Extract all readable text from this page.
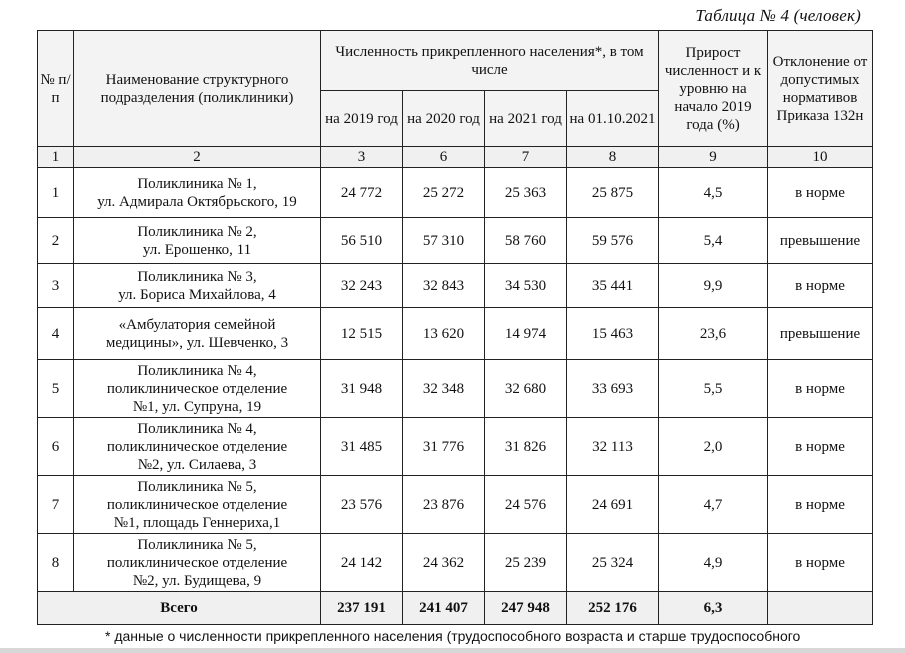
Таблица № 4 (человек)
№ п/п	Наименование структурного подразделения (поликлиники)	Численность прикрепленного населения*, в том числе				Прирост численност и к уровню на начало 2019 года (%)	Отклонение от допустимых нормативов Приказа 132н
		на 2019 год	на 2020 год	на 2021 год	на 01.10.2021		
1	2	3	6	7	8	9	10
1	Поликлиника № 1,
ул. Адмирала Октябрьского, 19	24 772	25 272	25 363	25 875	4,5	в норме
2	Поликлиника № 2,
ул. Ерошенко, 11	56 510	57 310	58 760	59 576	5,4	превышение
3	Поликлиника № 3,
ул. Бориса Михайлова, 4	32 243	32 843	34 530	35 441	9,9	в норме
4	«Амбулатория семейной
медицины», ул. Шевченко, 3	12 515	13 620	14 974	15 463	23,6	превышение
5	Поликлиника № 4,
поликлиническое отделение
№1, ул. Супруна, 19	31 948	32 348	32 680	33 693	5,5	в норме
6	Поликлиника № 4,
поликлиническое отделение
№2, ул. Силаева, 3	31 485	31 776	31 826	32 113	2,0	в норме
7	Поликлиника № 5,
поликлиническое отделение
№1, площадь Геннериха,1	23 576	23 876	24 576	24 691	4,7	в норме
8	Поликлиника № 5,
поликлиническое отделение
№2, ул. Будищева, 9	24 142	24 362	25 239	25 324	4,9	в норме
Всего		237 191	241 407	247 948	252 176	6,3	
* данные о численности прикрепленного населения (трудоспособного возраста и старше трудоспособного
